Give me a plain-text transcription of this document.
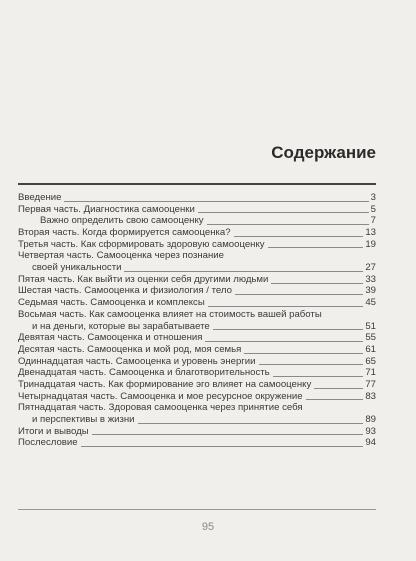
Содержание
Введение	3
Первая часть. Диагностика самооценки	5
Важно определить свою самооценку	7
Вторая часть. Когда формируется самооценка?	13
Третья часть. Как сформировать здоровую самооценку	19
Четвертая часть. Самооценка через познание
своей уникальности	27
Пятая часть. Как выйти из оценки себя другими людьми	33
Шестая часть. Самооценка и физиология / тело	39
Седьмая часть. Самооценка и комплексы	45
Восьмая часть. Как самооценка влияет на стоимость вашей работы
и на деньги, которые вы зарабатываете	51
Девятая часть. Самооценка и отношения	55
Десятая часть. Самооценка и мой род, моя семья	61
Одиннадцатая часть. Самооценка и уровень энергии	65
Двенадцатая часть. Самооценка и благотворительность	71
Тринадцатая часть. Как формирование эго влияет на самооценку	77
Четырнадцатая часть. Самооценка и мое ресурсное окружение	83
Пятнадцатая часть. Здоровая самооценка через принятие себя
и перспективы в жизни	89
Итоги и выводы	93
Послесловие	94
95
